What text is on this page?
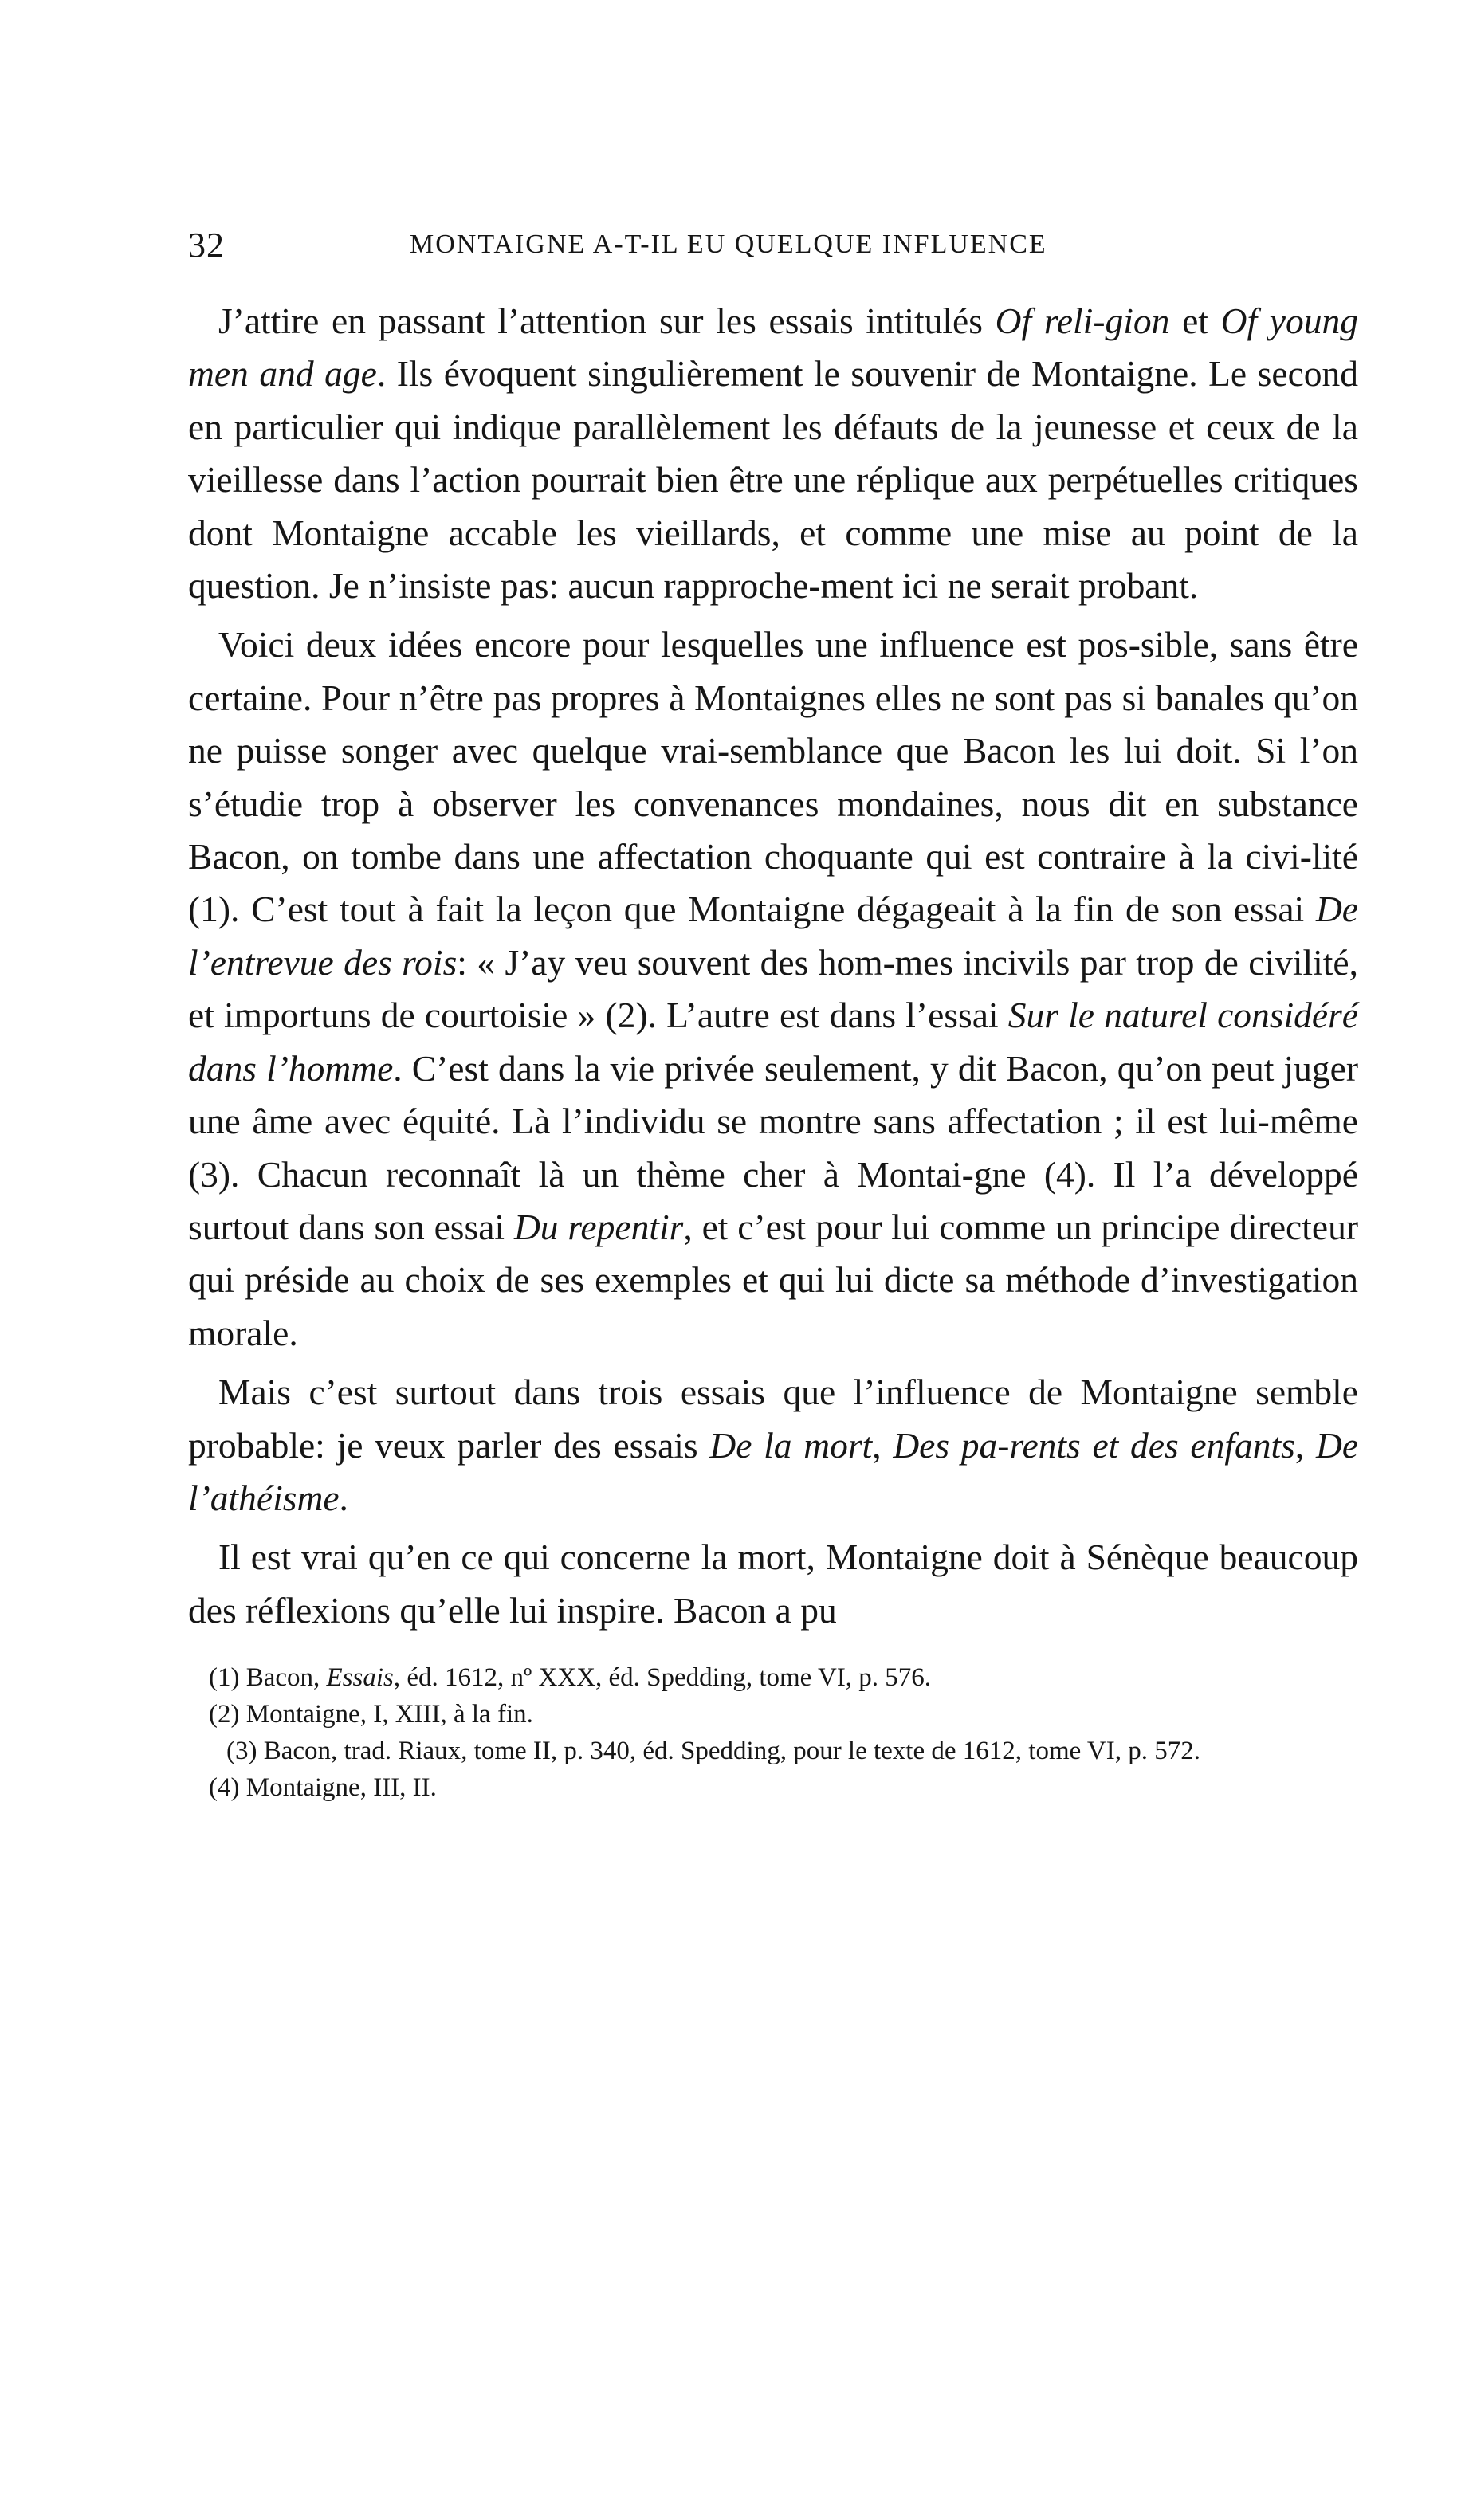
32	MONTAIGNE A-T-IL EU QUELQUE INFLUENCE

J’attire en passant l’attention sur les essais intitulés Of reli-gion et Of young men and age. Ils évoquent singulièrement le souvenir de Montaigne. Le second en particulier qui indique parallèlement les défauts de la jeunesse et ceux de la vieillesse dans l’action pourrait bien être une réplique aux perpétuelles critiques dont Montaigne accable les vieillards, et comme une mise au point de la question. Je n’insiste pas: aucun rapproche-ment ici ne serait probant.

Voici deux idées encore pour lesquelles une influence est pos-sible, sans être certaine. Pour n’être pas propres à Montaignes elles ne sont pas si banales qu’on ne puisse songer avec quelque vrai-semblance que Bacon les lui doit. Si l’on s’étudie trop à observer les convenances mondaines, nous dit en substance Bacon, on tombe dans une affectation choquante qui est contraire à la civi-lité (1). C’est tout à fait la leçon que Montaigne dégageait à la fin de son essai De l’entrevue des rois: « J’ay veu souvent des hom-mes incivils par trop de civilité, et importuns de courtoisie » (2). L’autre est dans l’essai Sur le naturel considéré dans l’homme. C’est dans la vie privée seulement, y dit Bacon, qu’on peut juger une âme avec équité. Là l’individu se montre sans affectation ; il est lui-même (3). Chacun reconnaît là un thème cher à Montai-gne (4). Il l’a développé surtout dans son essai Du repentir, et c’est pour lui comme un principe directeur qui préside au choix de ses exemples et qui lui dicte sa méthode d’investigation morale.

Mais c’est surtout dans trois essais que l’influence de Montaigne semble probable: je veux parler des essais De la mort, Des pa-rents et des enfants, De l’athéisme.

Il est vrai qu’en ce qui concerne la mort, Montaigne doit à Sénèque beaucoup des réflexions qu’elle lui inspire. Bacon a pu

(1) Bacon, Essais, éd. 1612, nº XXX, éd. Spedding, tome VI, p. 576.
(2) Montaigne, I, XIII, à la fin.
(3) Bacon, trad. Riaux, tome II, p. 340, éd. Spedding, pour le texte de 1612, tome VI, p. 572.
(4) Montaigne, III, II.
